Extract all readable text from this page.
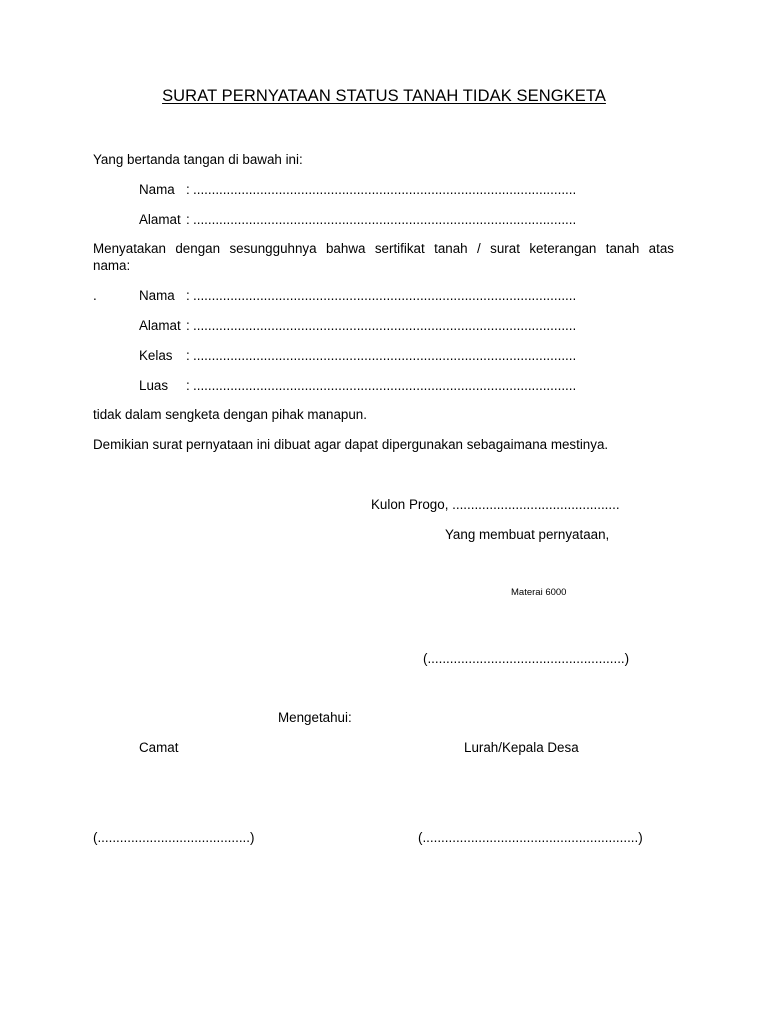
SURAT PERNYATAAN STATUS TANAH TIDAK SENGKETA
Yang bertanda tangan di bawah ini:
Nama : .......................................................................................................
Alamat : .......................................................................................................
Menyatakan dengan sesungguhnya bahwa sertifikat tanah / surat keterangan tanah atas
nama:
.	Nama : .......................................................................................................
Alamat : .......................................................................................................
Kelas	: .......................................................................................................
Luas	: .......................................................................................................
tidak dalam sengketa dengan pihak manapun.
Demikian surat pernyataan ini dibuat agar dapat dipergunakan sebagaimana mestinya.
Kulon Progo, .............................................
Yang membuat pernyataan,
Materai 6000
(.....................................................)
Mengetahui:
Camat	Lurah/Kepala Desa
(.........................................)	(..........................................................)
